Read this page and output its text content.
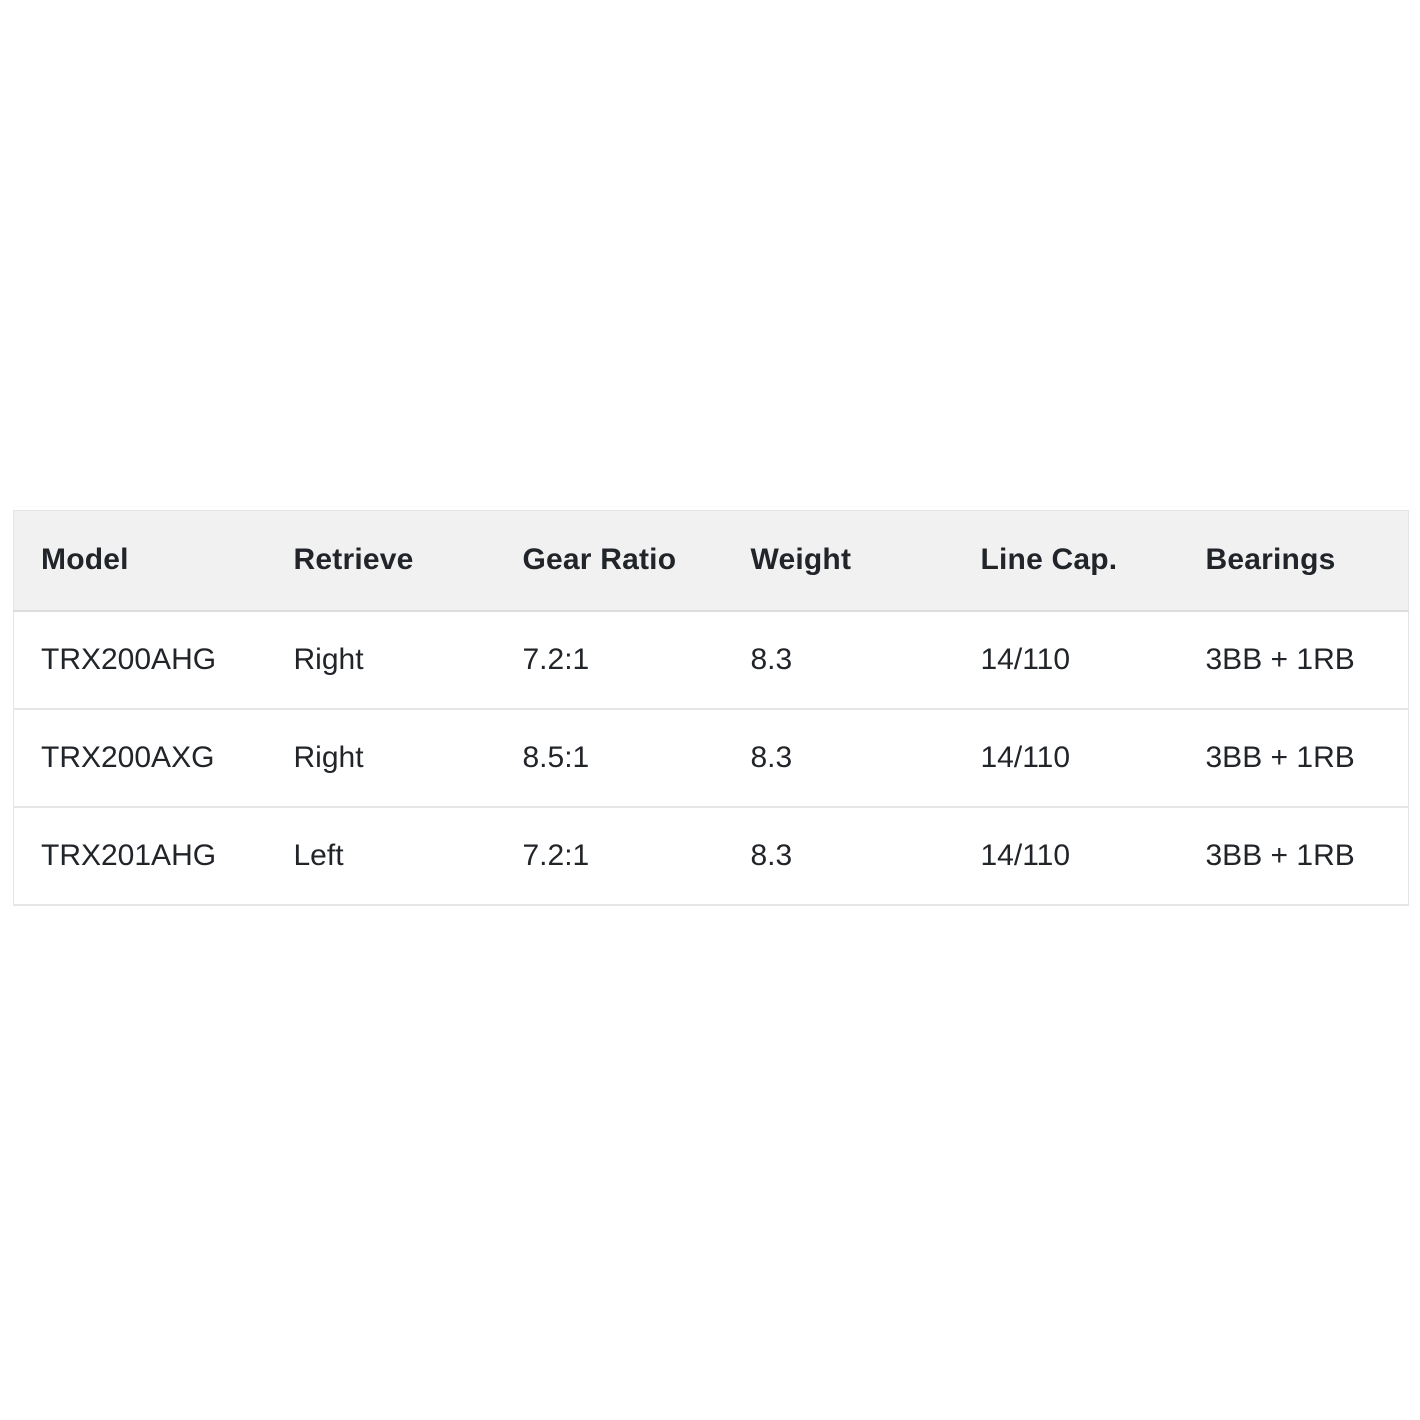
Model	Retrieve	Gear Ratio	Weight	Line Cap.	Bearings
TRX200AHG	Right	7.2:1	8.3	14/110	3BB + 1RB
TRX200AXG	Right	8.5:1	8.3	14/110	3BB + 1RB
TRX201AHG	Left	7.2:1	8.3	14/110	3BB + 1RB
